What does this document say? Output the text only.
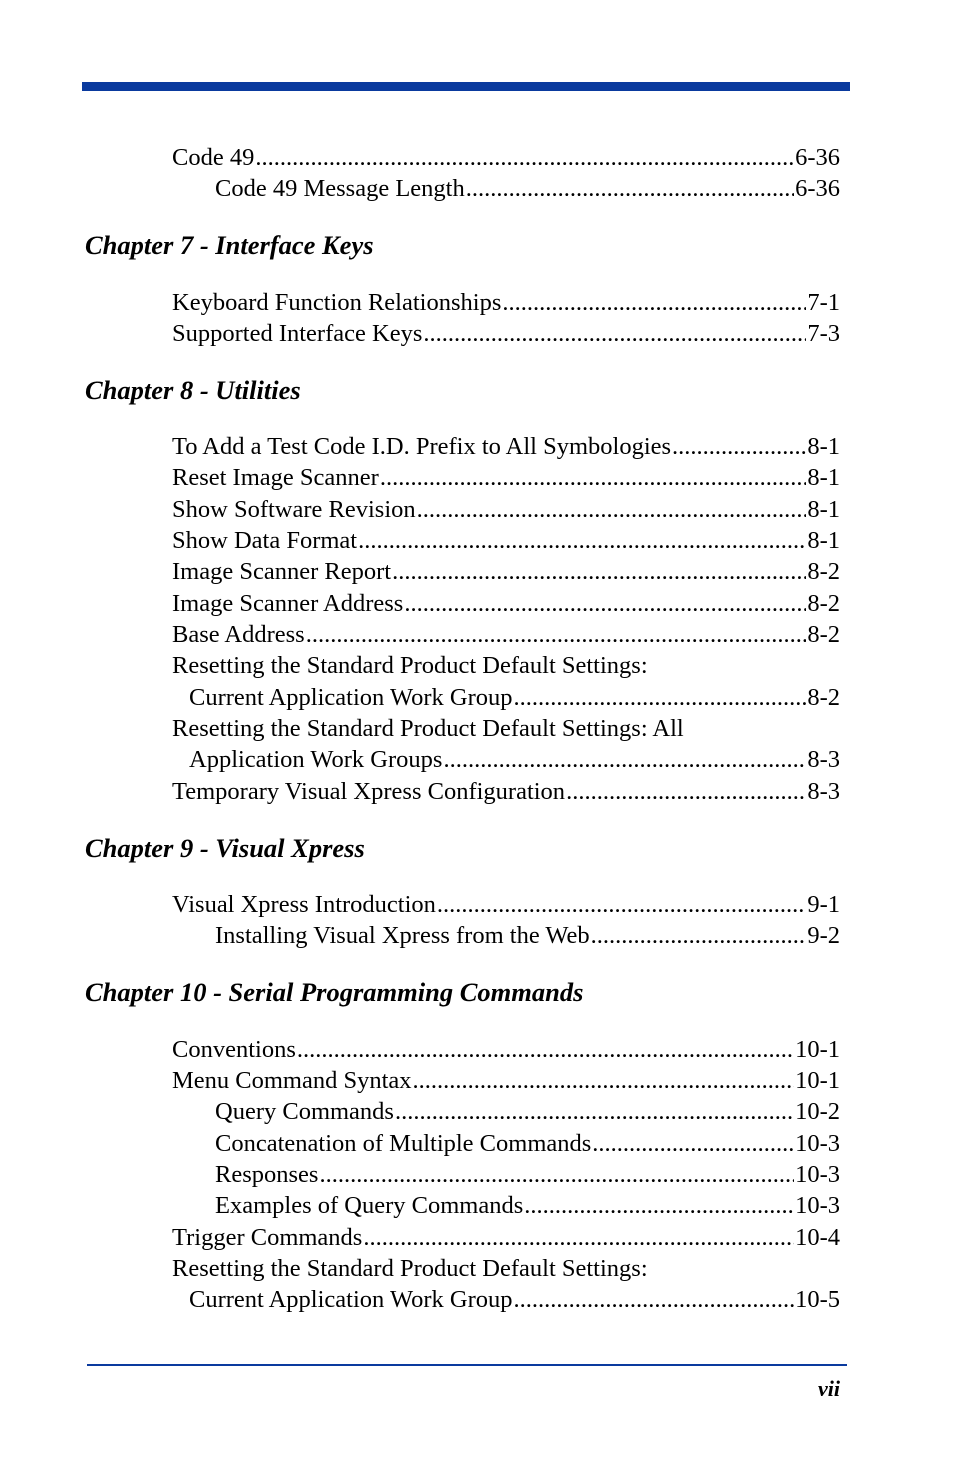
Code 49 .....	6-36
Code 49 Message Length .....	6-36
Chapter 7 - Interface Keys
Keyboard Function Relationships .....	7-1
Supported Interface Keys .....	7-3
Chapter 8 - Utilities
To Add a Test Code I.D. Prefix to All Symbologies .....	8-1
Reset Image Scanner .....	8-1
Show Software Revision .....	8-1
Show Data Format .....	8-1
Image Scanner Report .....	8-2
Image Scanner Address .....	8-2
Base Address .....	8-2
Resetting the Standard Product Default Settings:
Current Application Work Group .....	8-2
Resetting the Standard Product Default Settings: All
Application Work Groups .....	8-3
Temporary Visual Xpress Configuration .....	8-3
Chapter 9 - Visual Xpress
Visual Xpress Introduction .....	9-1
Installing Visual Xpress from the Web .....	9-2
Chapter 10 - Serial Programming Commands
Conventions .....	10-1
Menu Command Syntax .....	10-1
Query Commands .....	10-2
Concatenation of Multiple Commands .....	10-3
Responses .....	10-3
Examples of Query Commands .....	10-3
Trigger Commands .....	10-4
Resetting the Standard Product Default Settings:
Current Application Work Group .....	10-5
vii
